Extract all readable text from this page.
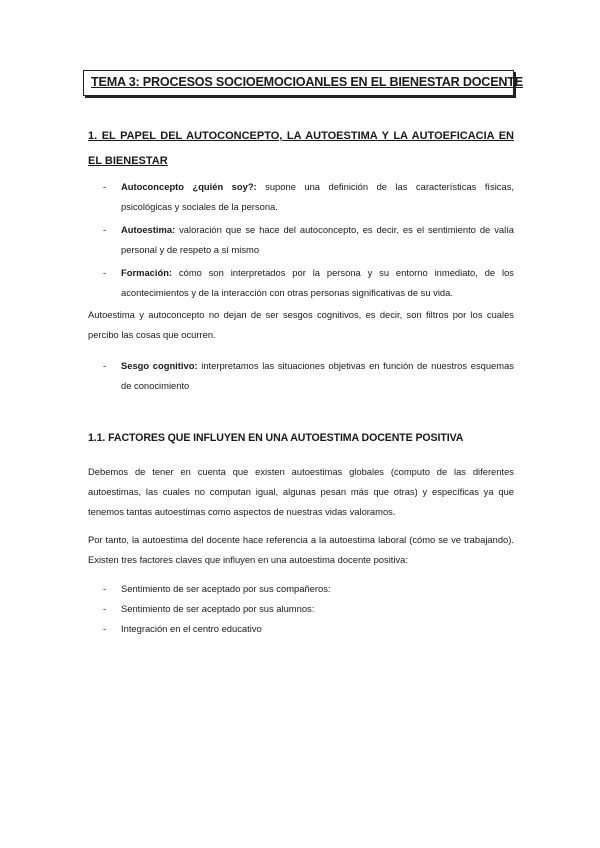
TEMA 3: PROCESOS SOCIOEMOCIOANLES EN EL BIENESTAR DOCENTE
1. EL PAPEL DEL AUTOCONCEPTO, LA AUTOESTIMA Y LA AUTOEFICACIA EN EL BIENESTAR
- Autoconcepto ¿quién soy?: supone una definición de las características físicas, psicológicas y sociales de la persona.
- Autoestima: valoración que se hace del autoconcepto, es decir, es el sentimiento de valía personal y de respeto a sí mismo
- Formación: cómo son interpretados por la persona y su entorno inmediato, de los acontecimientos y de la interacción con otras personas significativas de su vida.

Autoestima y autoconcepto no dejan de ser sesgos cognitivos, es decir, son filtros por los cuales percibo las cosas que ocurren.

- Sesgo cognitivo: interpretamos las situaciones objetivas en función de nuestros esquemas de conocimiento
1.1. FACTORES QUE INFLUYEN EN UNA AUTOESTIMA DOCENTE POSITIVA

Debemos de tener en cuenta que existen autoestimas globales (computo de las diferentes autoestimas, las cuales no computan igual, algunas pesan más que otras) y específicas ya que tenemos tantas autoestimas como aspectos de nuestras vidas valoramos.

Por tanto, la autoestima del docente hace referencia a la autoestima laboral (cómo se ve trabajando). Existen tres factores claves que influyen en una autoestima docente positiva:

- Sentimiento de ser aceptado por sus compañeros:
- Sentimiento de ser aceptado por sus alumnos:
- Integración en el centro educativo
